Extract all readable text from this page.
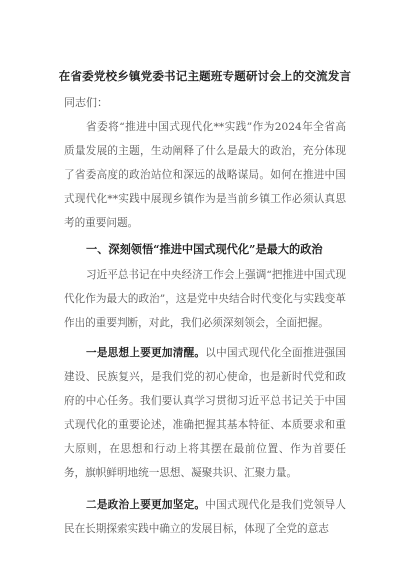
在省委党校乡镇党委书记主题班专题研讨会上的交流发言
同志们：
省委将“推进中国式现代化**实践”作为2024年全省高质量发展的主题，生动阐释了什么是最大的政治，充分体现了省委高度的政治站位和深远的战略谋局。如何在推进中国式现代化**实践中展现乡镇作为是当前乡镇工作必须认真思考的重要问题。
一、深刻领悟“推进中国式现代化”是最大的政治
习近平总书记在中央经济工作会上强调“把推进中国式现代化作为最大的政治”，这是党中央结合时代变化与实践变革作出的重要判断，对此，我们必须深刻领会，全面把握。
一是思想上要更加清醒。以中国式现代化全面推进强国建设、民族复兴，是我们党的初心使命，也是新时代党和政府的中心任务。我们要认真学习贯彻习近平总书记关于中国式现代化的重要论述，准确把握其基本特征、本质要求和重大原则，在思想和行动上将其摆在最前位置、作为首要任务，旗帜鲜明地统一思想、凝聚共识、汇聚力量。
二是政治上要更加坚定。中国式现代化是我们党领导人民在长期探索实践中确立的发展目标，体现了全党的意志
